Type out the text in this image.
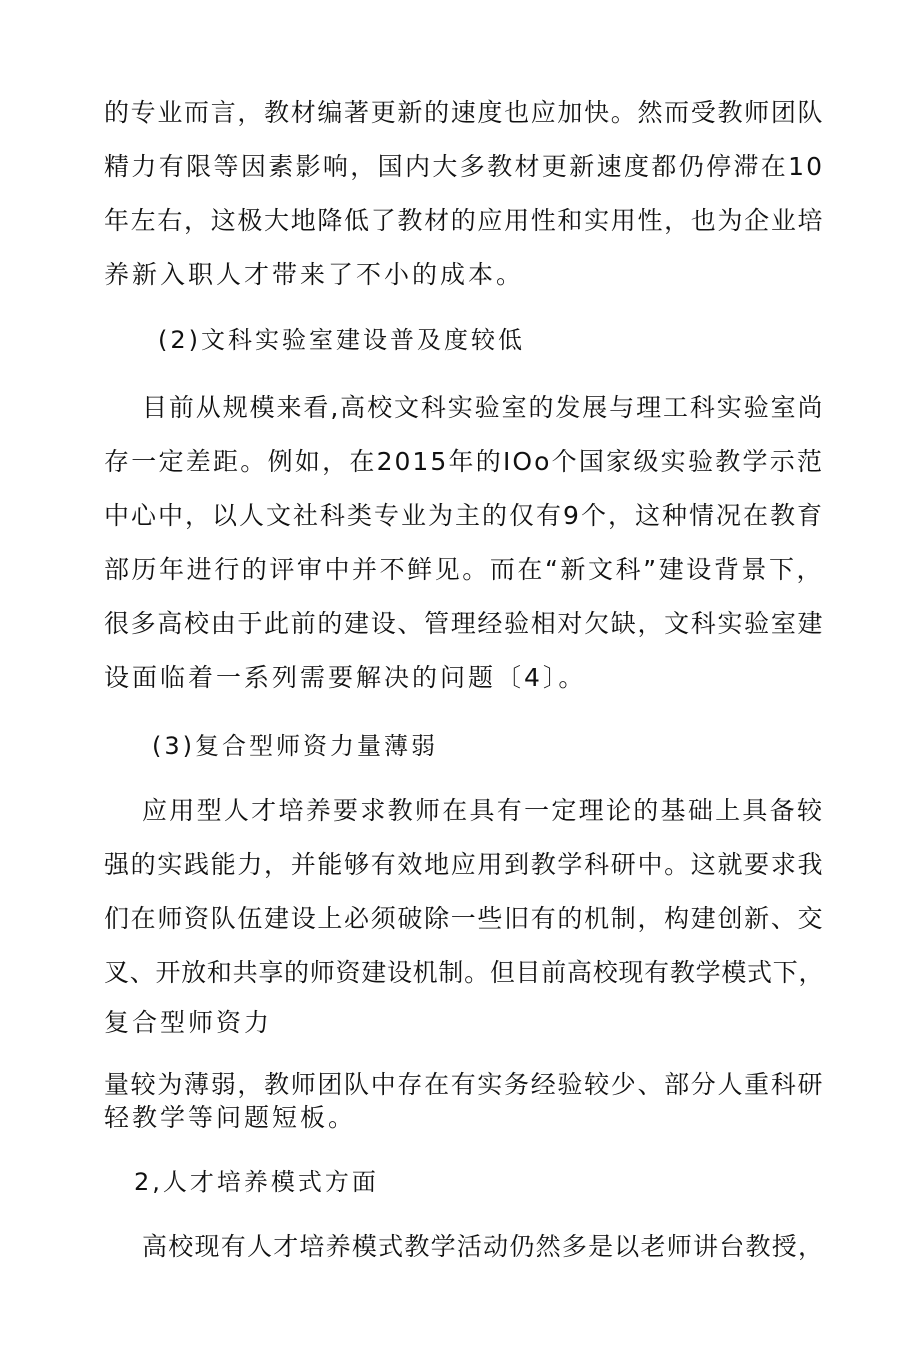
的专业而言，教材编著更新的速度也应加快。然而受教师团队
精力有限等因素影响，国内大多教材更新速度都仍停滞在10
年左右，这极大地降低了教材的应用性和实用性，也为企业培
养新入职人才带来了不小的成本。
(2)文科实验室建设普及度较低
目前从规模来看,高校文科实验室的发展与理工科实验室尚
存一定差距。例如，在2015年的IOo个国家级实验教学示范
中心中，以人文社科类专业为主的仅有9个，这种情况在教育
部历年进行的评审中并不鲜见。而在“新文科”建设背景下，
很多高校由于此前的建设、管理经验相对欠缺，文科实验室建
设面临着一系列需要解决的问题〔4〕。
(3)复合型师资力量薄弱
应用型人才培养要求教师在具有一定理论的基础上具备较
强的实践能力，并能够有效地应用到教学科研中。这就要求我
们在师资队伍建设上必须破除一些旧有的机制，构建创新、交
叉、开放和共享的师资建设机制。但目前高校现有教学模式下，
复合型师资力
量较为薄弱，教师团队中存在有实务经验较少、部分人重科研
轻教学等问题短板。
2,人才培养模式方面
高校现有人才培养模式教学活动仍然多是以老师讲台教授，
